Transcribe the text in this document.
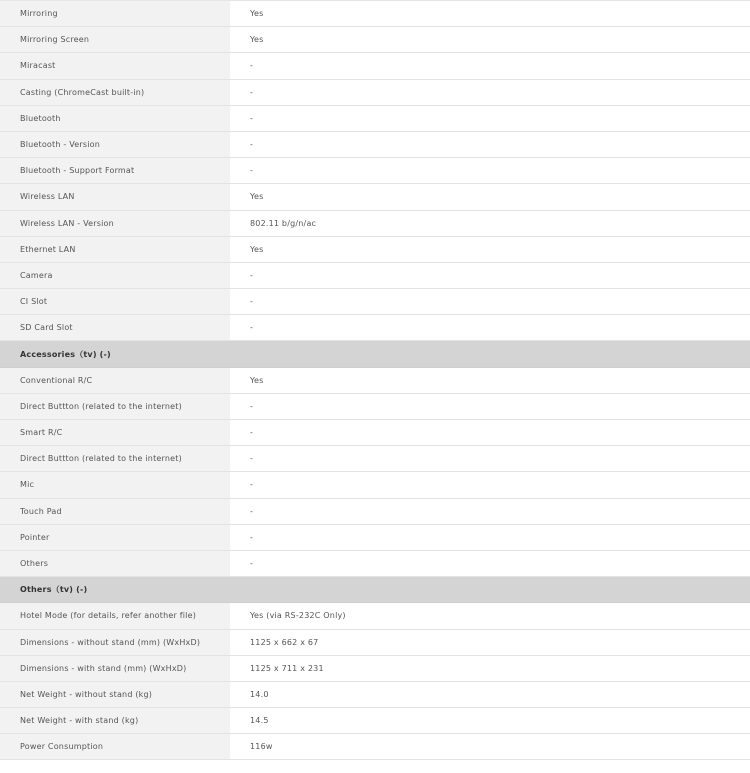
Mirroring	Yes
Mirroring Screen	Yes
Miracast	-
Casting (ChromeCast built-in)	-
Bluetooth	-
Bluetooth - Version	-
Bluetooth - Support Format	-
Wireless LAN	Yes
Wireless LAN - Version	802.11 b/g/n/ac
Ethernet LAN	Yes
Camera	-
CI Slot	-
SD Card Slot	-
Accessories（tv) (-)
Conventional R/C	Yes
Direct Buttton (related to the internet)	-
Smart R/C	-
Direct Buttton (related to the internet)	-
Mic	-
Touch Pad	-
Pointer	-
Others	-
Others（tv) (-)
Hotel Mode (for details, refer another file)	Yes (via RS-232C Only)
Dimensions - without stand (mm) (WxHxD)	1125 x 662 x 67
Dimensions - with stand (mm) (WxHxD)	1125 x 711 x 231
Net Weight - without stand (kg)	14.0
Net Weight - with stand (kg)	14.5
Power Consumption	116w
